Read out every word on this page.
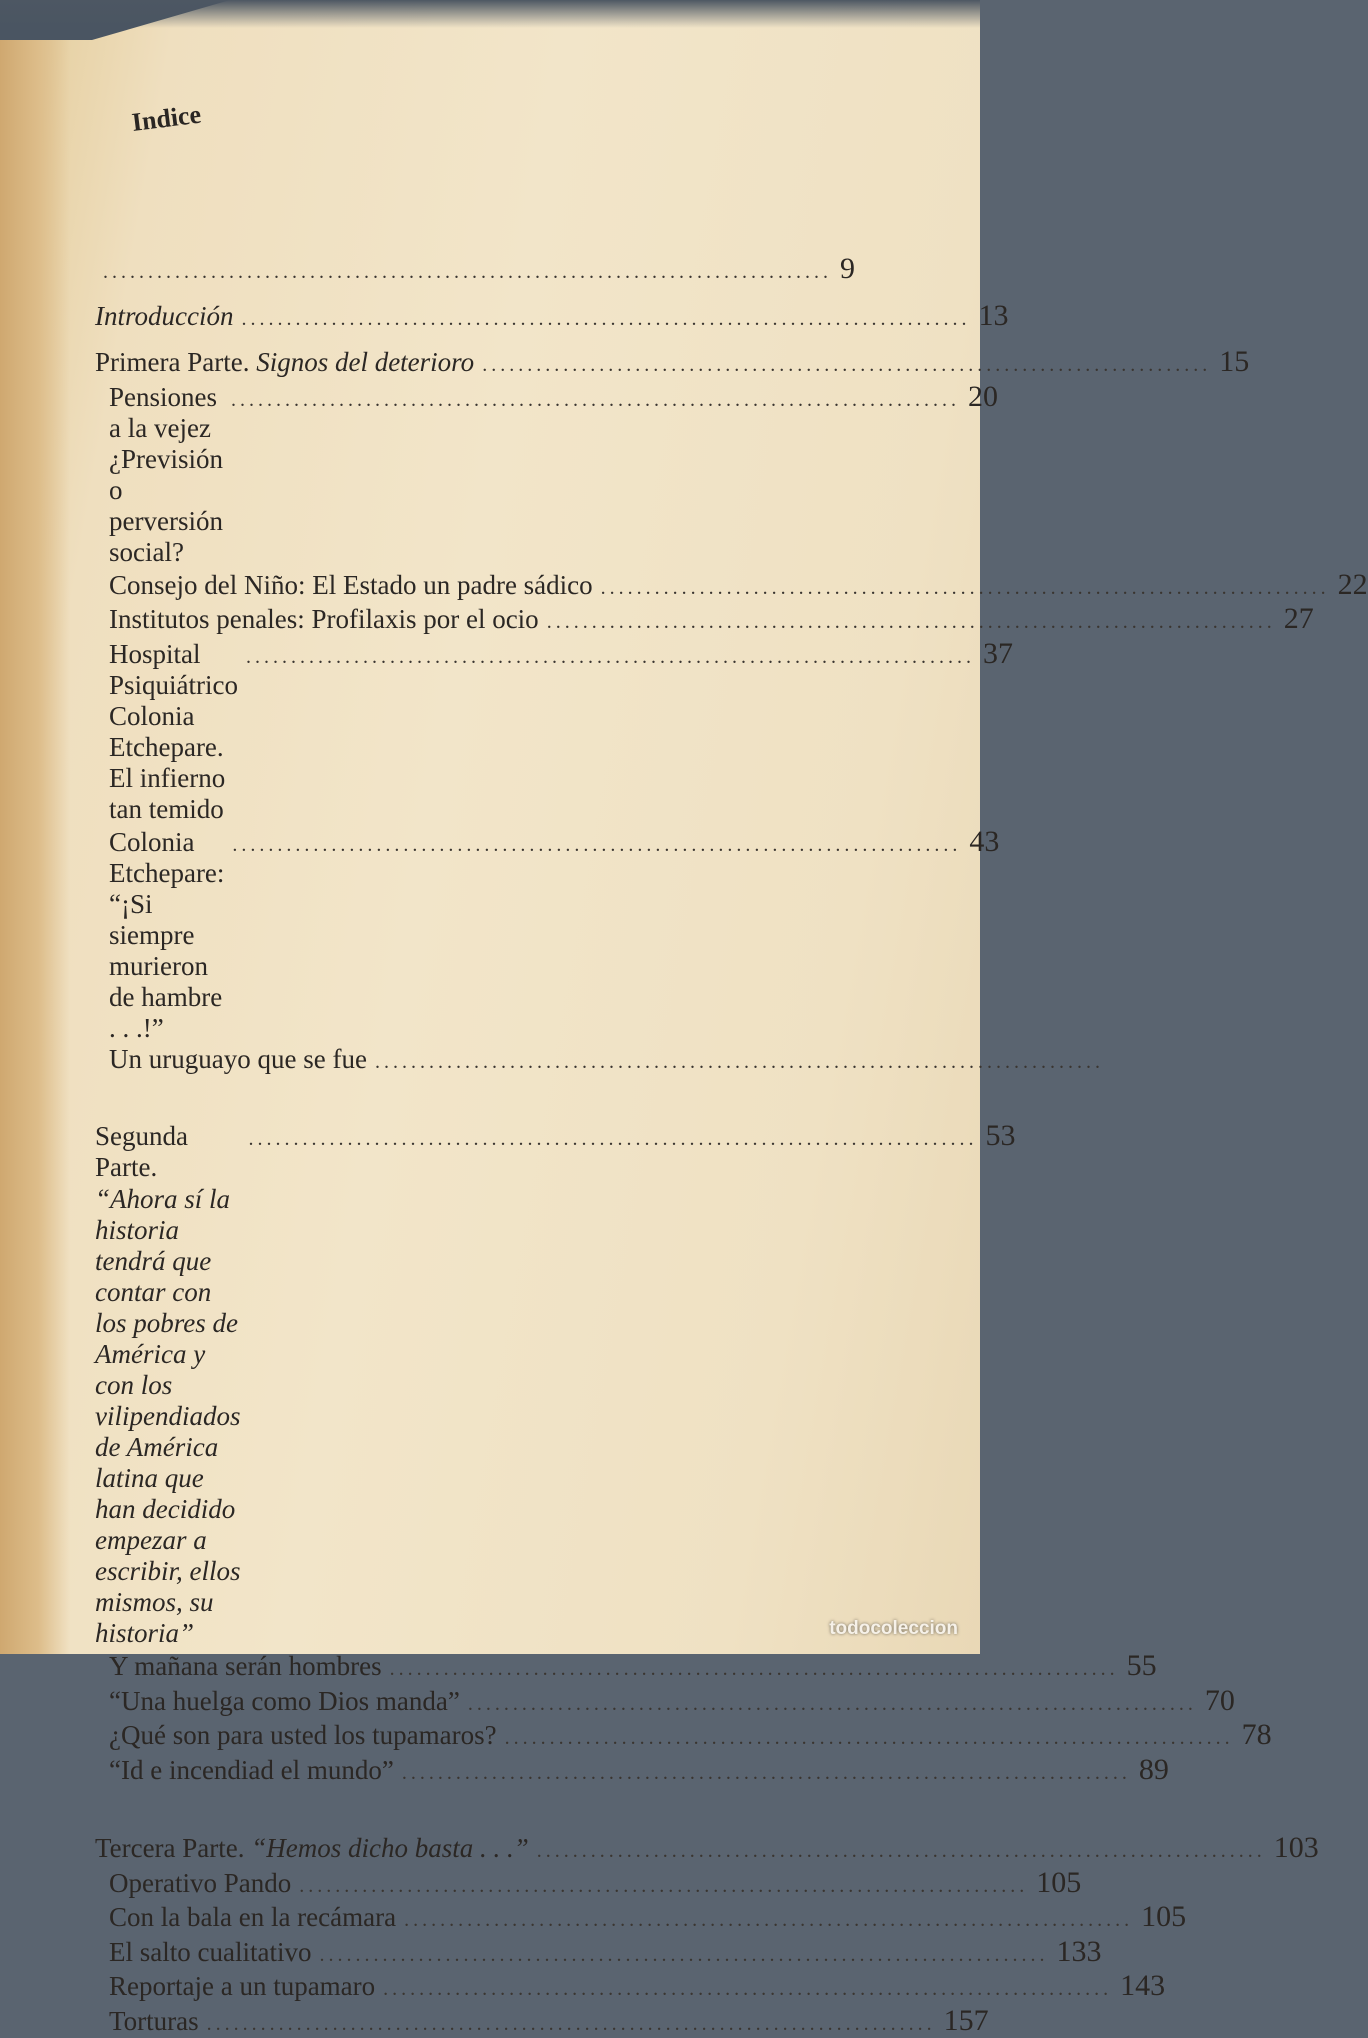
Indice
................................................................................. 9
Introducción ................................................................................. 13
Primera Parte. Signos del deterioro ................................................................................. 15
Pensiones a la vejez ¿Previsión o perversión social?
................................................................................. 20
Consejo del Niño: El Estado un padre sádico ................................................................................. 22
Institutos penales: Profilaxis por el ocio ................................................................................. 27
Hospital Psiquiátrico Colonia Etchepare. El infierno tan temido
................................................................................. 37
Colonia Etchepare: “¡Si siempre murieron de hambre . . .!”
................................................................................. 43
Un uruguayo que se fue .................................................................................
Segunda Parte. “Ahora sí la historia tendrá que contar con los pobres de América y con los vilipendiados de América latina que han decidido empezar a escribir, ellos mismos, su historia”
................................................................................. 53
Y mañana serán hombres ................................................................................. 55
“Una huelga como Dios manda” ................................................................................. 70
¿Qué son para usted los tupamaros? ................................................................................. 78
“Id e incendiad el mundo” ................................................................................. 89
Tercera Parte. “Hemos dicho basta . . .” ................................................................................. 103
Operativo Pando ................................................................................. 105
Con la bala en la recámara ................................................................................. 105
El salto cualitativo ................................................................................. 133
Reportaje a un tupamaro ................................................................................. 143
Torturas ................................................................................. 157
todocoleccion
